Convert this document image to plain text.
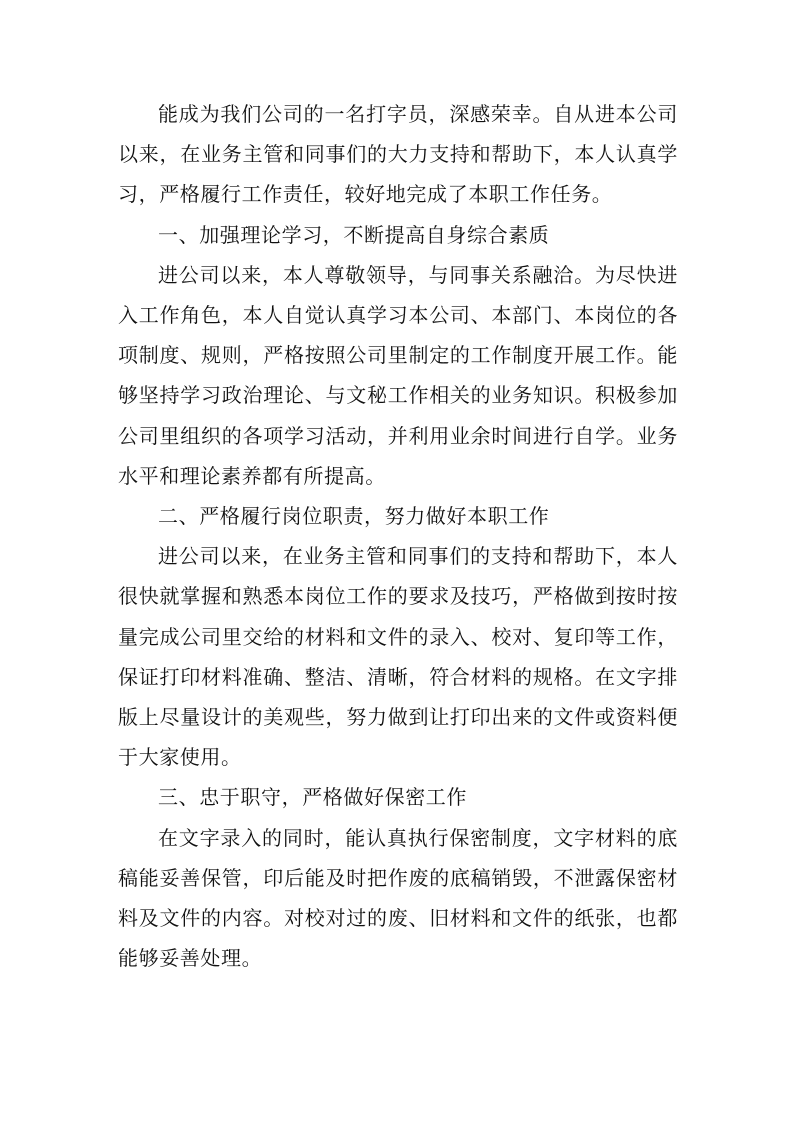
能成为我们公司的一名打字员，深感荣幸。自从进本公司以来，在业务主管和同事们的大力支持和帮助下，本人认真学习，严格履行工作责任，较好地完成了本职工作任务。

一、加强理论学习，不断提高自身综合素质

进公司以来，本人尊敬领导，与同事关系融洽。为尽快进入工作角色，本人自觉认真学习本公司、本部门、本岗位的各项制度、规则，严格按照公司里制定的工作制度开展工作。能够坚持学习政治理论、与文秘工作相关的业务知识。积极参加公司里组织的各项学习活动，并利用业余时间进行自学。业务水平和理论素养都有所提高。

二、严格履行岗位职责，努力做好本职工作

进公司以来，在业务主管和同事们的支持和帮助下，本人很快就掌握和熟悉本岗位工作的要求及技巧，严格做到按时按量完成公司里交给的材料和文件的录入、校对、复印等工作，保证打印材料准确、整洁、清晰，符合材料的规格。在文字排版上尽量设计的美观些，努力做到让打印出来的文件或资料便于大家使用。

三、忠于职守，严格做好保密工作

在文字录入的同时，能认真执行保密制度，文字材料的底稿能妥善保管，印后能及时把作废的底稿销毁，不泄露保密材料及文件的内容。对校对过的废、旧材料和文件的纸张，也都能够妥善处理。
